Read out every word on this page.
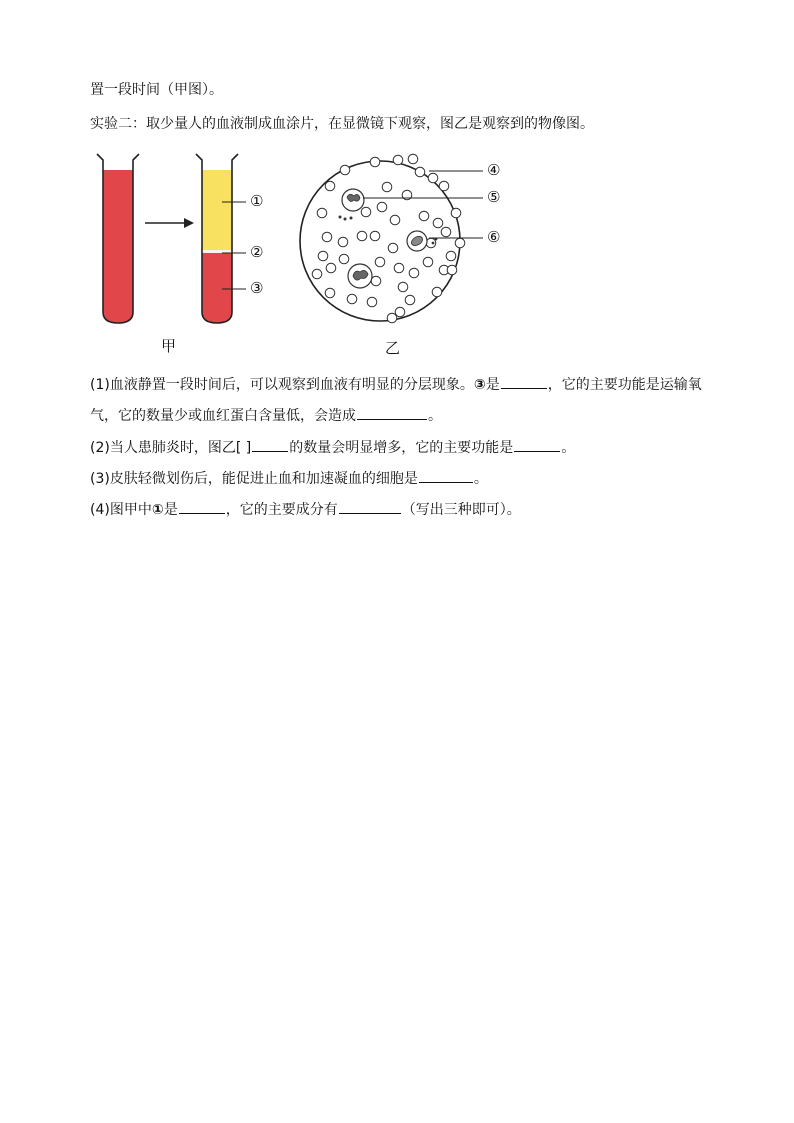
置一段时间（甲图）。
实验二：取少量人的血液制成血涂片，在显微镜下观察，图乙是观察到的物像图。
①
②
③
④
⑤
⑥
甲	乙
(1)血液静置一段时间后，可以观察到血液有明显的分层现象。③是	，它的主要功能是运输氧
气，它的数量少或血红蛋白含量低，会造成	。
(2)当人患肺炎时，图乙[ ]	的数量会明显增多，它的主要功能是	。
(3)皮肤轻微划伤后，能促进止血和加速凝血的细胞是	。
(4)图甲中①是	，它的主要成分有	（写出三种即可）。
